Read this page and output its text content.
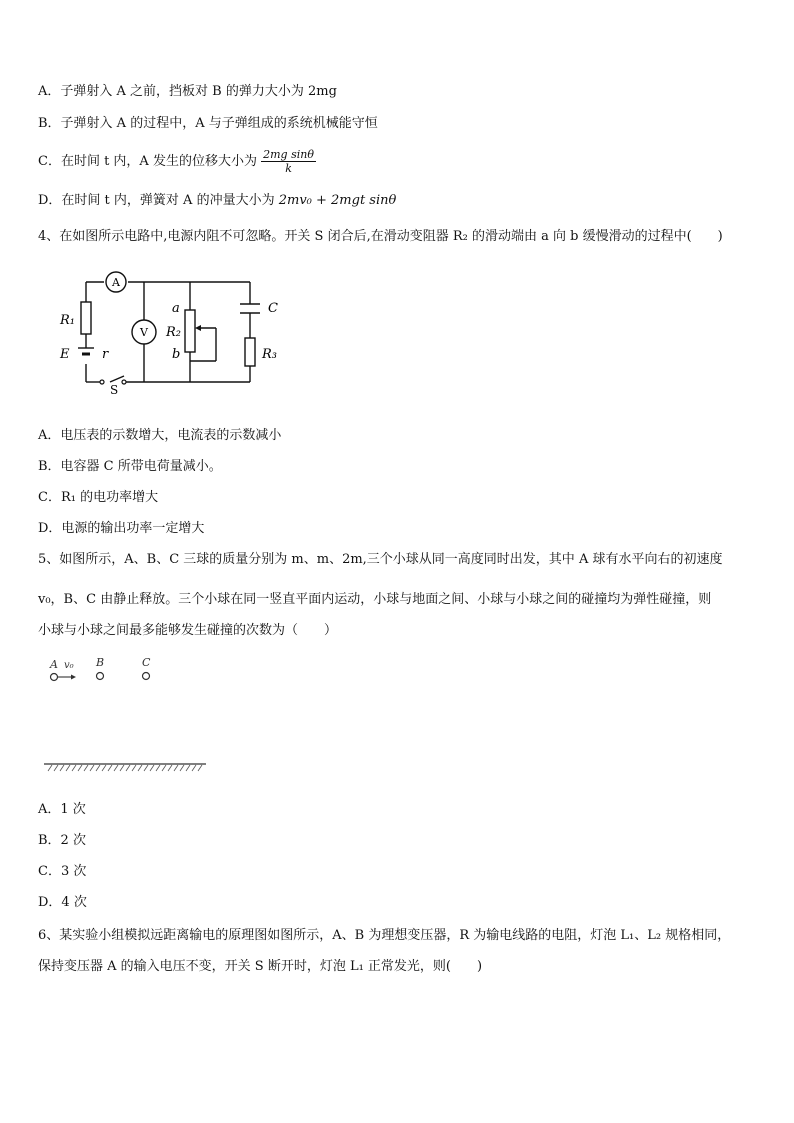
A．子弹射入 A 之前，挡板对 B 的弹力大小为 2mg
B．子弹射入 A 的过程中，A 与子弹组成的系统机械能守恒
C．在时间 t 内，A 发生的位移大小为 $\frac{\text{2mg sinθ}}{k}$
D．在时间 t 内，弹簧对 A 的冲量大小为 2mv₀ + 2mgt sinθ
4、在如图所示电路中,电源内阻不可忽略。开关 S 闭合后,在滑动变阻器 R₂ 的滑动端由 a 向 b 缓慢滑动的过程中(　　)
A
V
R₁
E	r
a
R₂
b
C
R₃
S
A．电压表的示数增大，电流表的示数减小
B．电容器 C 所带电荷量减小。
C．R₁ 的电功率增大
D．电源的输出功率一定增大
5、如图所示，A、B、C 三球的质量分别为 m、m、2m,三个小球从同一高度同时出发，其中 A 球有水平向右的初速度
v₀，B、C 由静止释放。三个小球在同一竖直平面内运动，小球与地面之间、小球与小球之间的碰撞均为弹性碰撞，则
小球与小球之间最多能够发生碰撞的次数为（　　）
A v₀ B	C
A．1 次
B．2 次
C．3 次
D．4 次
6、某实验小组模拟远距离输电的原理图如图所示，A、B 为理想变压器，R 为输电线路的电阻，灯泡 L₁、L₂ 规格相同，
保持变压器 A 的输入电压不变，开关 S 断开时，灯泡 L₁ 正常发光，则(　　)
